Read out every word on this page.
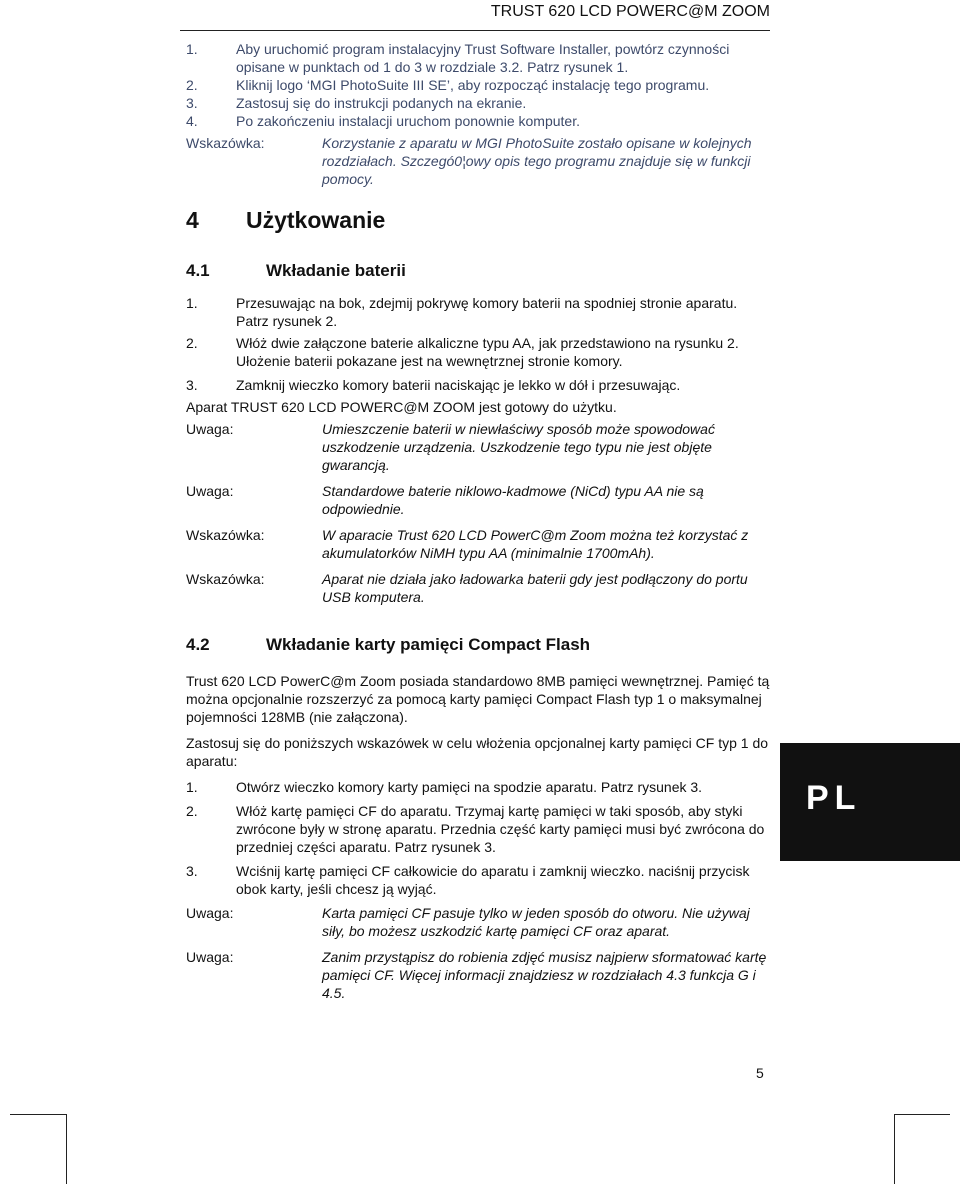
TRUST 620 LCD POWERC@M ZOOM
1.	Aby uruchomić program instalacyjny Trust Software Installer, powtórz czynności opisane w punktach od 1 do 3 w rozdziale 3.2. Patrz rysunek 1.
2.	Kliknij logo ‘MGI PhotoSuite III SE’, aby rozpocząć instalację tego programu.
3.	Zastosuj się do instrukcji podanych na ekranie.
4.	Po zakończeniu instalacji uruchom ponownie komputer.
Wskazówka:	Korzystanie z aparatu w MGI PhotoSuite zostało opisane w kolejnych rozdziałach. Szczegó0¦owy opis tego programu znajduje się w funkcji pomocy.
4	Użytkowanie
4.1	Wkładanie baterii
1.	Przesuwając na bok, zdejmij pokrywę komory baterii na spodniej stronie aparatu. Patrz rysunek 2.
2.	Włóż dwie załączone baterie alkaliczne typu AA, jak przedstawiono na rysunku 2. Ułożenie baterii pokazane jest na wewnętrznej stronie komory.
3.	Zamknij wieczko komory baterii naciskając je lekko w dół i przesuwając.

Aparat TRUST 620 LCD POWERC@M ZOOM jest gotowy do użytku.

Uwaga:	Umieszczenie baterii w niewłaściwy sposób może spowodować uszkodzenie urządzenia. Uszkodzenie tego typu nie jest objęte gwarancją.
Uwaga:	Standardowe baterie niklowo-kadmowe (NiCd) typu AA nie są odpowiednie.
Wskazówka:	W aparacie Trust 620 LCD PowerC@m Zoom można też korzystać z akumulatorków NiMH typu AA (minimalnie 1700mAh).
Wskazówka:	Aparat nie działa jako ładowarka baterii gdy jest podłączony do portu USB komputera.
4.2	Wkładanie karty pamięci Compact Flash

Trust 620 LCD PowerC@m Zoom posiada standardowo 8MB pamięci wewnętrznej. Pamięć tą można opcjonalnie rozszerzyć za pomocą karty pamięci Compact Flash typ 1 o maksymalnej pojemności 128MB (nie załączona).

Zastosuj się do poniższych wskazówek w celu włożenia opcjonalnej karty pamięci CF typ 1 do aparatu:

1.	Otwórz wieczko komory karty pamięci na spodzie aparatu. Patrz rysunek 3.
2.	Włóż kartę pamięci CF do aparatu. Trzymaj kartę pamięci w taki sposób, aby styki zwrócone były w stronę aparatu. Przednia część karty pamięci musi być zwrócona do przedniej części aparatu. Patrz rysunek 3.
3.	Wciśnij kartę pamięci CF całkowicie do aparatu i zamknij wieczko. naciśnij przycisk obok karty, jeśli chcesz ją wyjąć.
Uwaga:	Karta pamięci CF pasuje tylko w jeden sposób do otworu. Nie używaj siły, bo możesz uszkodzić kartę pamięci CF oraz aparat.
Uwaga:	Zanim przystąpisz do robienia zdjęć musisz najpierw sformatować kartę pamięci CF. Więcej informacji znajdziesz w rozdziałach 4.3 funkcja G i 4.5.
PL
5
